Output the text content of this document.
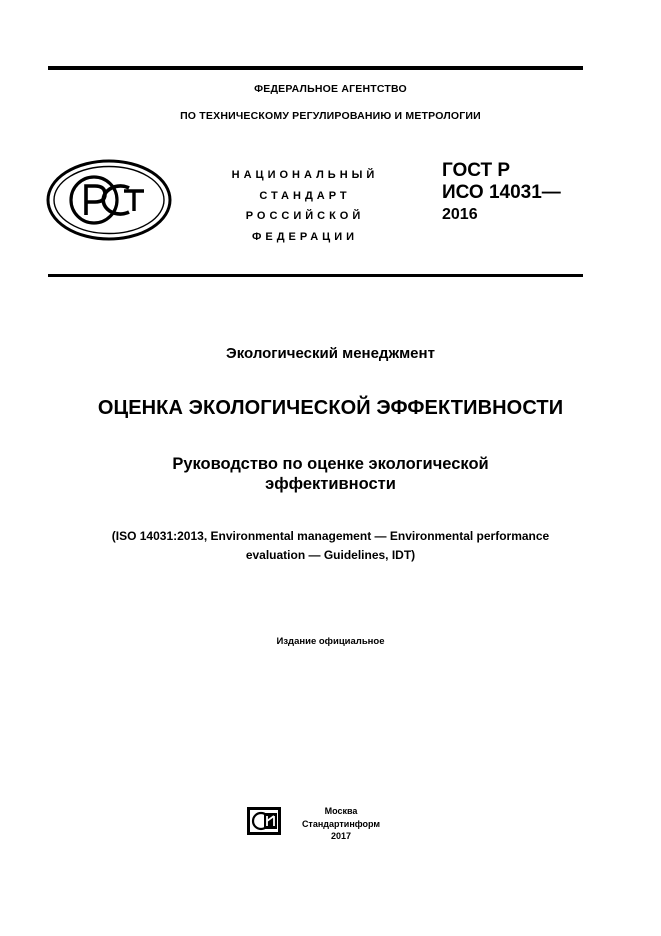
ФЕДЕРАЛЬНОЕ АГЕНТСТВО
ПО ТЕХНИЧЕСКОМУ РЕГУЛИРОВАНИЮ И МЕТРОЛОГИИ
НАЦИОНАЛЬНЫЙ
СТАНДАРТ
РОССИЙСКОЙ
ФЕДЕРАЦИИ
ГОСТ Р
ИСО 14031—
2016
Экологический менеджмент
ОЦЕНКА ЭКОЛОГИЧЕСКОЙ ЭФФЕКТИВНОСТИ
Руководство по оценке экологической
эффективности
(ISO 14031:2013, Environmental management — Environmental performance
evaluation — Guidelines, IDT)
Издание официальное
Москва
Стандартинформ
2017
